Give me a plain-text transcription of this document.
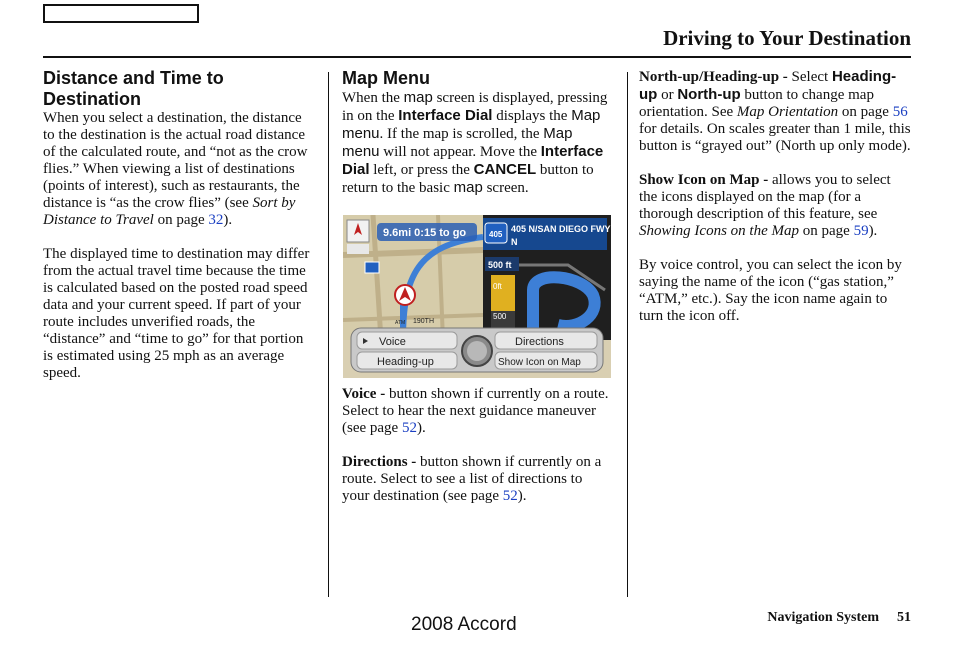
Driving to Your Destination
Distance and Time to Destination

When you select a destination, the distance to the destination is the actual road distance of the calculated route, and “not as the crow flies.” When viewing a list of destinations (points of interest), such as restaurants, the distance is “as the crow flies” (see Sort by Distance to Travel on page 32).

The displayed time to destination may differ from the actual travel time because the time is calculated based on the posted road speed data and your current speed. If part of your route includes unverified roads, the “distance” and “time to go” for that portion is estimated using 25 mph as an average speed.

Map Menu

When the map screen is displayed, pressing in on the Interface Dial displays the Map menu. If the map is scrolled, the Map menu will not appear. Move the Interface Dial left, or press the CANCEL button to return to the basic map screen.

9.6mi 0:15 to go	405
405 N/SAN DIEGO FWY
N
500 ft
0ft
500
190TH
ATM
Voice	Directions
Heading-up	Show Icon on Map

Voice - button shown if currently on a route. Select to hear the next guidance maneuver (see page 52).

Directions - button shown if currently on a route. Select to see a list of directions to your destination (see page 52).

North-up/Heading-up - Select Heading-up or North-up button to change map orientation. See Map Orientation on page 56 for details. On scales greater than 1 mile, this button is “grayed out” (North up only mode).

Show Icon on Map - allows you to select the icons displayed on the map (for a thorough description of this feature, see Showing Icons on the Map on page 59).

By voice control, you can select the icon by saying the name of the icon (“gas station,” “ATM,” etc.). Say the icon name again to turn the icon off.

2008 Accord	Navigation System 51
